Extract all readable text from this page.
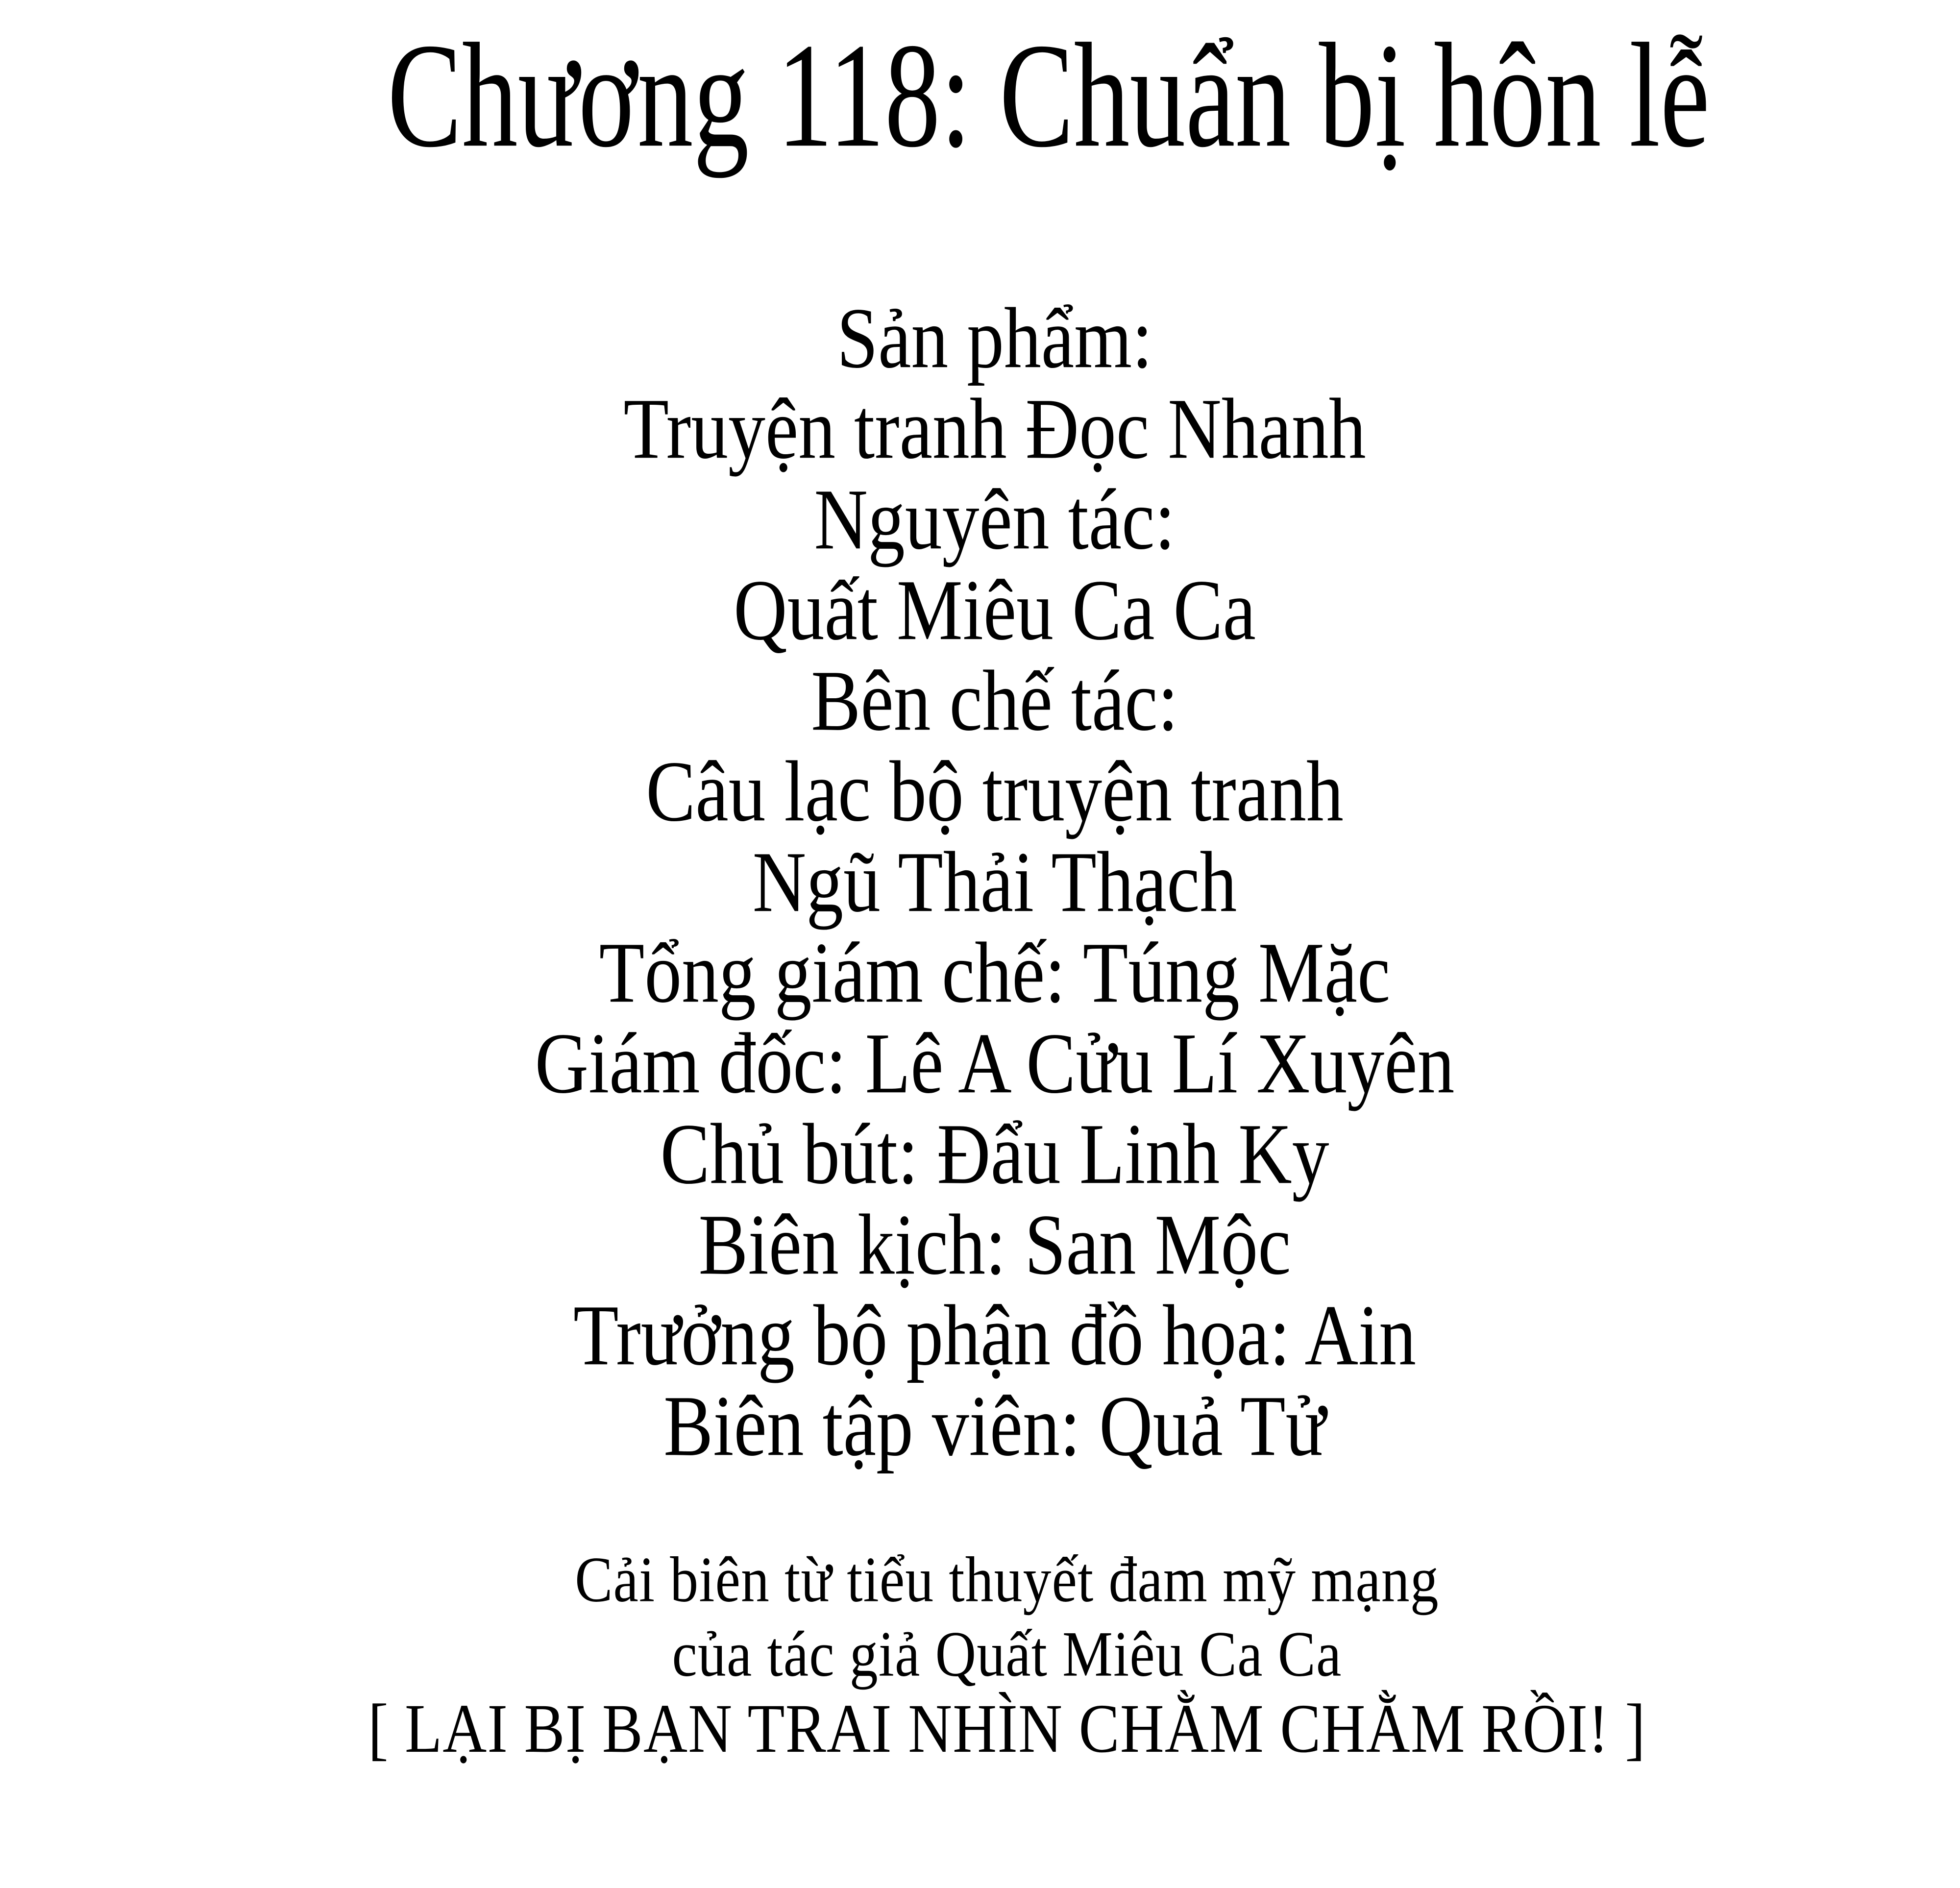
Chương 118: Chuẩn bị hôn lễ
Sản phẩm:
Truyện tranh Đọc Nhanh
Nguyên tác:
Quất Miêu Ca Ca
Bên chế tác:
Câu lạc bộ truyện tranh
Ngũ Thải Thạch
Tổng giám chế: Túng Mặc
Giám đốc: Lê A Cửu Lí Xuyên
Chủ bút: Đẩu Linh Ky
Biên kịch: San Mộc
Trưởng bộ phận đồ họa: Ain
Biên tập viên: Quả Tử
Cải biên từ tiểu thuyết đam mỹ mạng
của tác giả Quất Miêu Ca Ca
[ LẠI BỊ BẠN TRAI NHÌN CHẰM CHẰM RỒI! ]
